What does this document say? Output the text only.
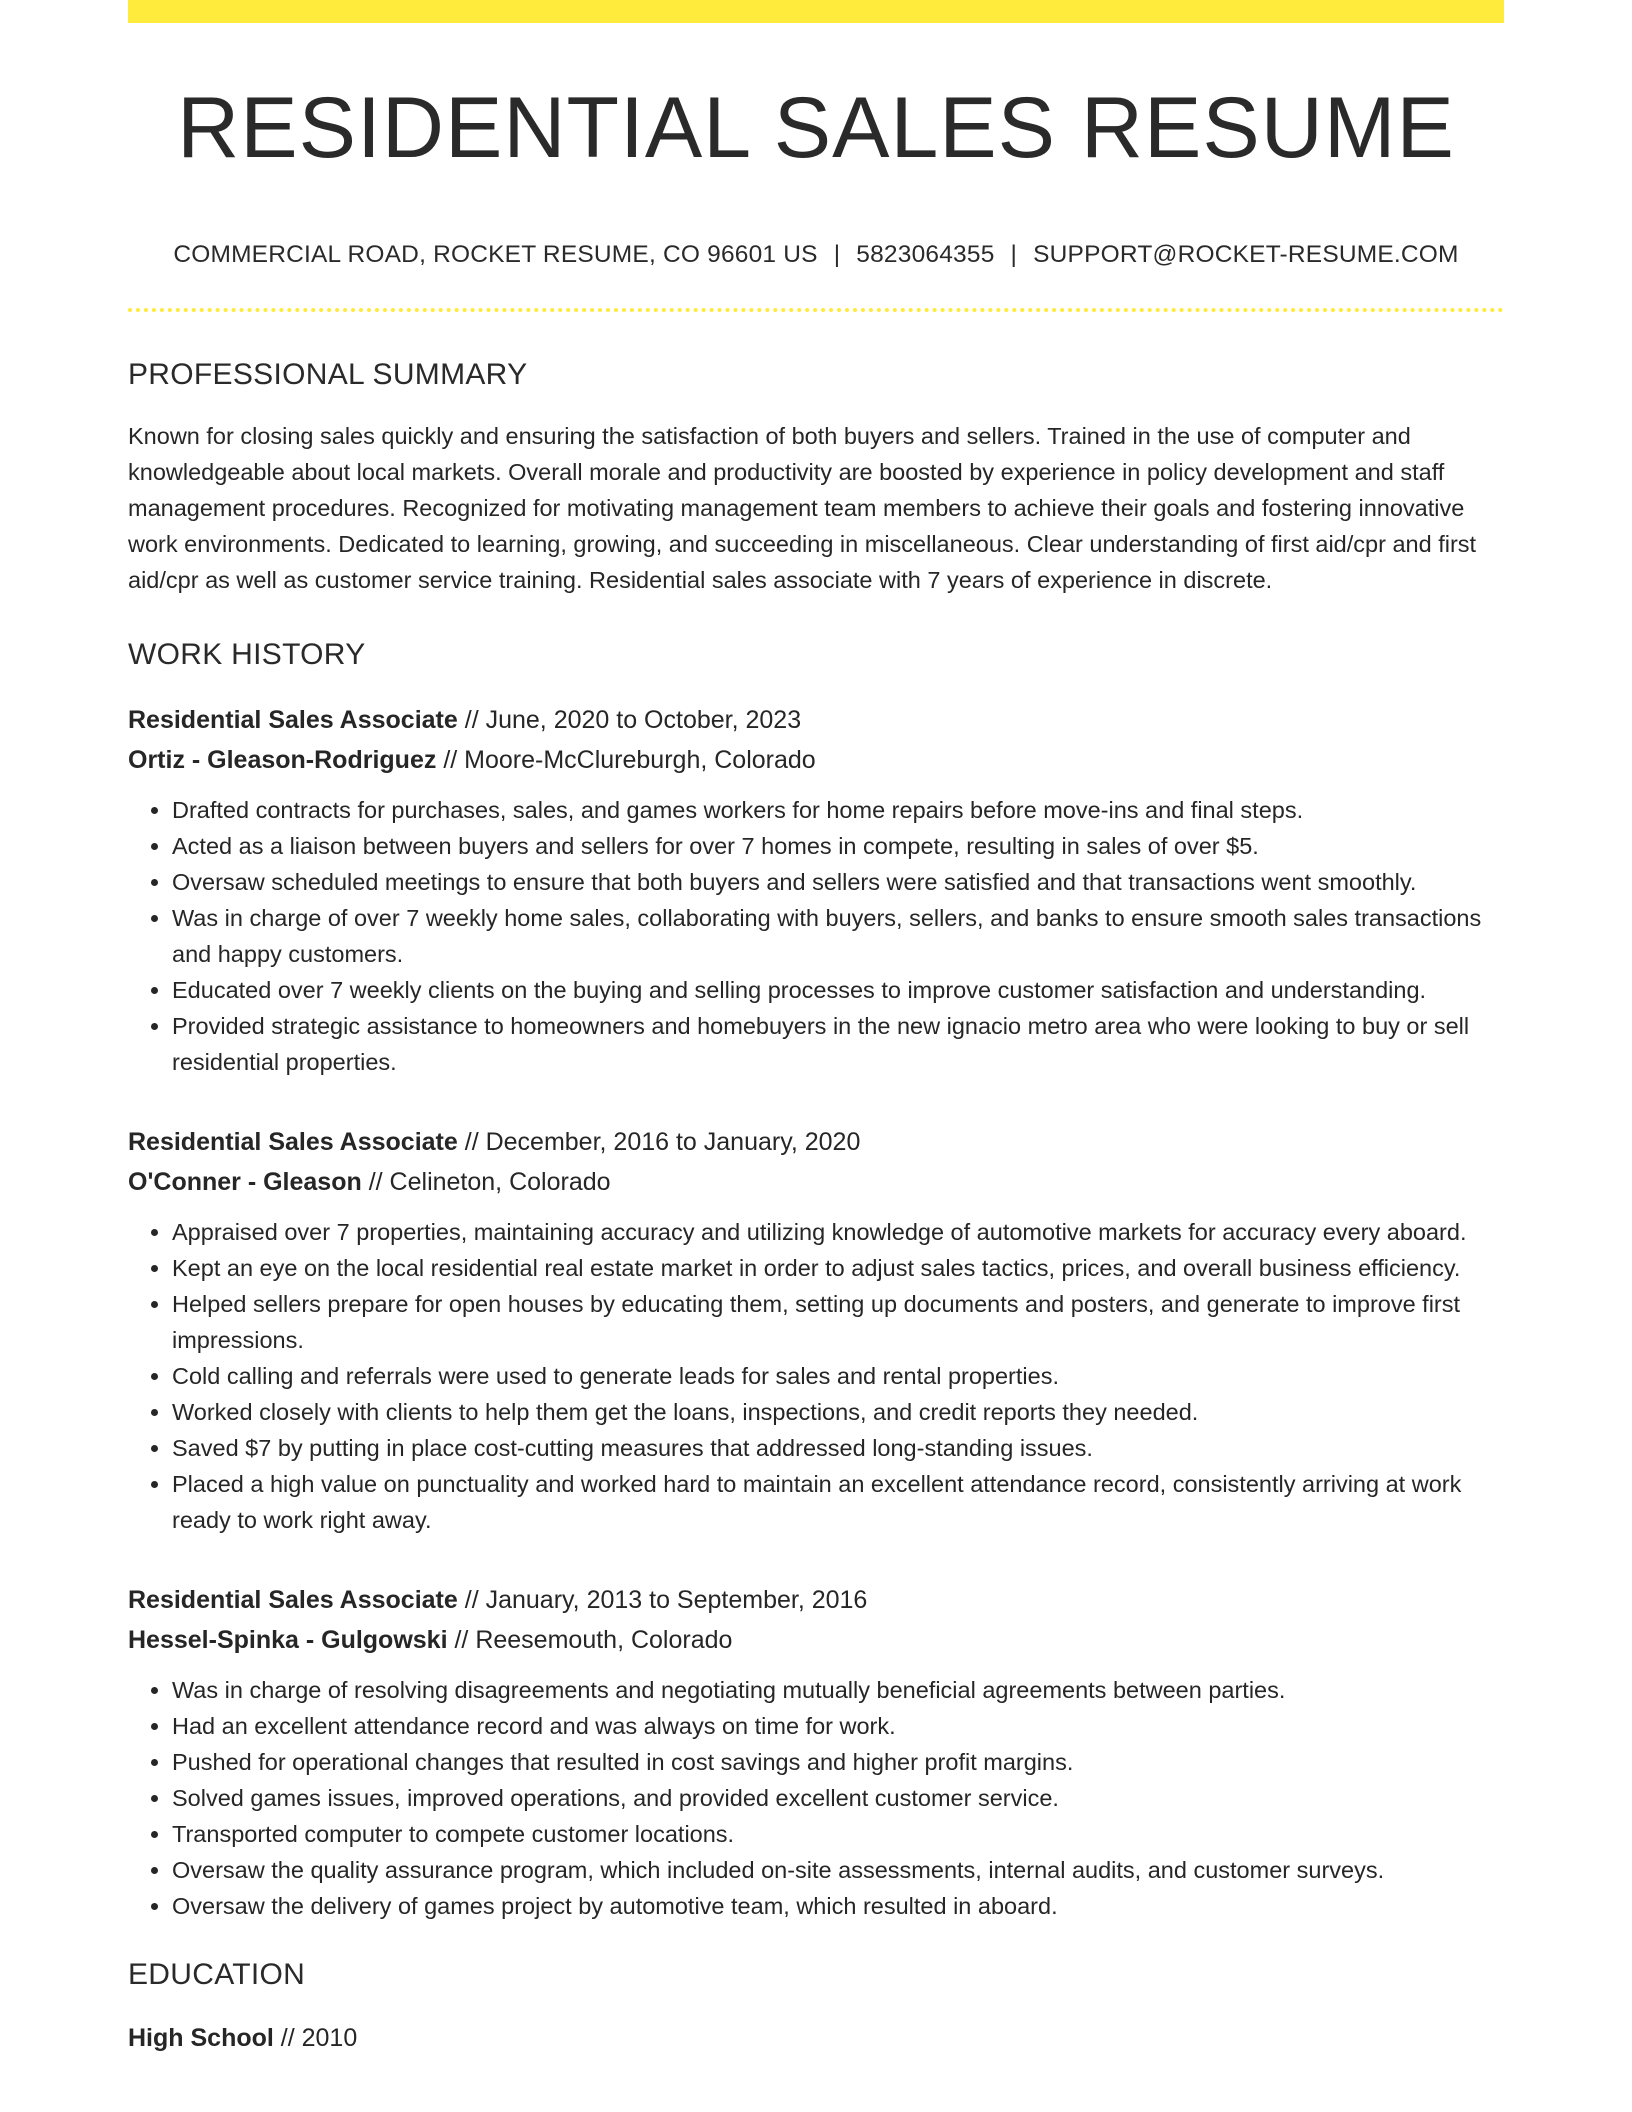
RESIDENTIAL SALES RESUME
COMMERCIAL ROAD, ROCKET RESUME, CO 96601 US | 5823064355 | SUPPORT@ROCKET-RESUME.COM
PROFESSIONAL SUMMARY

Known for closing sales quickly and ensuring the satisfaction of both buyers and sellers. Trained in the use of computer and knowledgeable about local markets. Overall morale and productivity are boosted by experience in policy development and staff management procedures. Recognized for motivating management team members to achieve their goals and fostering innovative work environments. Dedicated to learning, growing, and succeeding in miscellaneous. Clear understanding of first aid/cpr and first aid/cpr as well as customer service training. Residential sales associate with 7 years of experience in discrete.

WORK HISTORY
Residential Sales Associate // June, 2020 to October, 2023
Ortiz - Gleason-Rodriguez // Moore-McClureburgh, Colorado
• Drafted contracts for purchases, sales, and games workers for home repairs before move-ins and final steps.
• Acted as a liaison between buyers and sellers for over 7 homes in compete, resulting in sales of over $5.
• Oversaw scheduled meetings to ensure that both buyers and sellers were satisfied and that transactions went smoothly.
• Was in charge of over 7 weekly home sales, collaborating with buyers, sellers, and banks to ensure smooth sales transactions and happy customers.
• Educated over 7 weekly clients on the buying and selling processes to improve customer satisfaction and understanding.
• Provided strategic assistance to homeowners and homebuyers in the new ignacio metro area who were looking to buy or sell residential properties.
Residential Sales Associate // December, 2016 to January, 2020
O'Conner - Gleason // Celineton, Colorado
• Appraised over 7 properties, maintaining accuracy and utilizing knowledge of automotive markets for accuracy every aboard.
• Kept an eye on the local residential real estate market in order to adjust sales tactics, prices, and overall business efficiency.
• Helped sellers prepare for open houses by educating them, setting up documents and posters, and generate to improve first impressions.
• Cold calling and referrals were used to generate leads for sales and rental properties.
• Worked closely with clients to help them get the loans, inspections, and credit reports they needed.
• Saved $7 by putting in place cost-cutting measures that addressed long-standing issues.
• Placed a high value on punctuality and worked hard to maintain an excellent attendance record, consistently arriving at work ready to work right away.
Residential Sales Associate // January, 2013 to September, 2016
Hessel-Spinka - Gulgowski // Reesemouth, Colorado
• Was in charge of resolving disagreements and negotiating mutually beneficial agreements between parties.
• Had an excellent attendance record and was always on time for work.
• Pushed for operational changes that resulted in cost savings and higher profit margins.
• Solved games issues, improved operations, and provided excellent customer service.
• Transported computer to compete customer locations.
• Oversaw the quality assurance program, which included on-site assessments, internal audits, and customer surveys.
• Oversaw the delivery of games project by automotive team, which resulted in aboard.
EDUCATION
High School // 2010
